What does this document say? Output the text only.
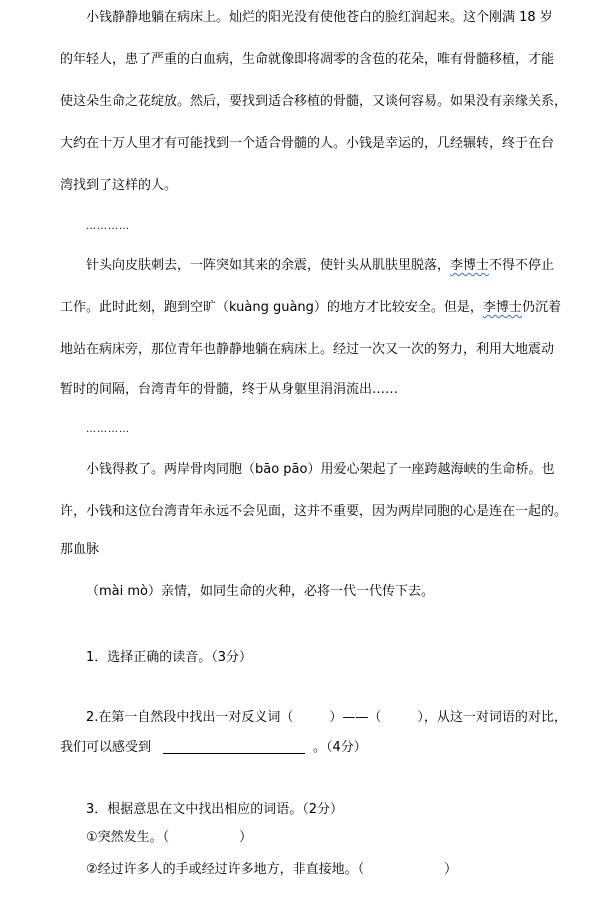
小钱静静地躺在病床上。灿烂的阳光没有使他苍白的脸红润起来。这个刚满 18 岁
的年轻人，患了严重的白血病，生命就像即将凋零的含苞的花朵，唯有骨髓移植，才能
使这朵生命之花绽放。然后，要找到适合移植的骨髓，又谈何容易。如果没有亲缘关系，
大约在十万人里才有可能找到一个适合骨髓的人。小钱是幸运的，几经辗转，终于在台
湾找到了这样的人。
…………
针头向皮肤刺去，一阵突如其来的余震，使针头从肌肤里脱落，李博士不得不停止
工作。此时此刻，跑到空旷（kuàng guàng）的地方才比较安全。但是，李博士仍沉着
地站在病床旁，那位青年也静静地躺在病床上。经过一次又一次的努力，利用大地震动
暂时的间隔，台湾青年的骨髓，终于从身躯里涓涓流出……
…………
小钱得救了。两岸骨肉同胞（bāo pāo）用爱心架起了一座跨越海峡的生命桥。也
许，小钱和这位台湾青年永远不会见面，这并不重要，因为两岸同胞的心是连在一起的。
那血脉
（mài mò）亲情，如同生命的火种，必将一代一代传下去。
1．选择正确的读音。（3分）
2.在第一自然段中找出一对反义词（	）——（	），从这一对词语的对比，
我们可以感受到	。（4分）
3．根据意思在文中找出相应的词语。（2分）
①突然发生。（	）
②经过许多人的手或经过许多地方，非直接地。（	）
